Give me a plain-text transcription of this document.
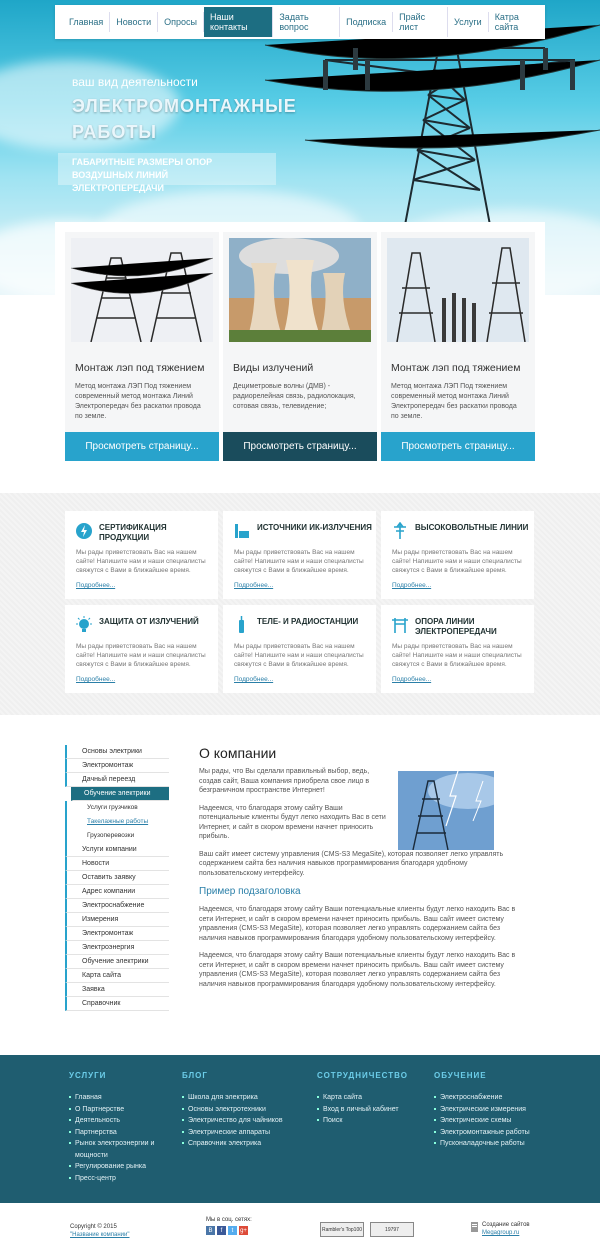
Главная	Новости	Опросы	Наши контакты
Задать вопрос	Подписка	Прайс лист	Услуги	Катра сайта
ваш вид деятельности
ЭЛЕКТРОМОНТАЖНЫЕ
РАБОТЫ
ГАБАРИТНЫЕ РАЗМЕРЫ ОПОР ВОЗДУШНЫХ ЛИНИЙ ЭЛЕКТРОПЕРЕДАЧИ
Монтаж лэп под тяжением
Метод монтажа ЛЭП Под тяжением современный метод монтажа Линий Электропередач без раскатки провода по земле.
Просмотреть страницу...
Виды излучений
Дециметровые волны (ДМВ) - радиорелейная связь, радиолокация, сотовая связь, телевидение;
Просмотреть страницу...
Монтаж лэп под тяжением
Метод монтажа ЛЭП Под тяжением современный метод монтажа Линий Электропередач без раскатки провода по земле.
Просмотреть страницу...
СЕРТИФИКАЦИЯ ПРОДУКЦИИ
Мы рады приветствовать Вас на нашем сайте! Напишите нам и наши специалисты свяжутся с Вами в ближайшее время.
Подробнее...
ИСТОЧНИКИ ИК-ИЗЛУЧЕНИЯ
Мы рады приветствовать Вас на нашем сайте! Напишите нам и наши специалисты свяжутся с Вами в ближайшее время.
Подробнее...
ВЫСОКОВОЛЬТНЫЕ ЛИНИИ
Мы рады приветствовать Вас на нашем сайте! Напишите нам и наши специалисты свяжутся с Вами в ближайшее время.
Подробнее...
ЗАЩИТА ОТ ИЗЛУЧЕНИЙ
Мы рады приветствовать Вас на нашем сайте! Напишите нам и наши специалисты свяжутся с Вами в ближайшее время.
Подробнее...
ТЕЛЕ- И РАДИОСТАНЦИИ
Мы рады приветствовать Вас на нашем сайте! Напишите нам и наши специалисты свяжутся с Вами в ближайшее время.
Подробнее...
ОПОРА ЛИНИИ ЭЛЕКТРОПЕРЕДАЧИ
Мы рады приветствовать Вас на нашем сайте! Напишите нам и наши специалисты свяжутся с Вами в ближайшее время.
Подробнее...
Основы электрики
Электромонтаж
Дачный переезд
Обучение электрики
Услуги грузчиков
Такелажные работы
Грузоперевозки
Услуги компании
Новости
Оставить заявку
Адрес компании
Электроснабжение
Измерения
Электромонтаж
Электроэнергия
Обучение электрики
Карта сайта
Заявка
Справочник
О компании

Мы рады, что Вы сделали правильный выбор, ведь, создав сайт, Ваша компания приобрела свое лицо в безграничном пространстве Интернет!

Надеемся, что благодаря этому сайту Ваши потенциальные клиенты будут легко находить Вас в сети Интернет, и сайт в скором времени начнет приносить прибыль.

Ваш сайт имеет систему управления (CMS-S3 MegaSite), которая позволяет легко управлять содержанием сайта без наличия навыков программирования благодаря удобному пользовательскому интерфейсу.

Пример подзаголовка

Надеемся, что благодаря этому сайту Ваши потенциальные клиенты будут легко находить Вас в сети Интернет, и сайт в скором времени начнет приносить прибыль. Ваш сайт имеет систему управления (CMS-S3 MegaSite), которая позволяет легко управлять содержанием сайта без наличия навыков программирования благодаря удобному пользовательскому интерфейсу.

Надеемся, что благодаря этому сайту Ваши потенциальные клиенты будут легко находить Вас в сети Интернет, и сайт в скором времени начнет приносить прибыль. Ваш сайт имеет систему управления (CMS-S3 MegaSite), которая позволяет легко управлять содержанием сайта без наличия навыков программирования благодаря удобному пользовательскому интерфейсу.

УСЛУГИ
Главная
О Партнерстве
Деятельность
Партнерства
Рынок электроэнергии и мощности
Регулирование рынка
Пресс-центр
БЛОГ
Школа для электрика
Основы электротехники
Электричество для чайников
Электрические аппараты
Справочник электрика
СОТРУДНИЧЕСТВО
Карта сайта
Вход в личный кабинет
Поиск
ОБУЧЕНИЕ
Электроснабжение
Электрические измерения
Электрические схемы
Электромонтажные работы
Пусконаладочные работы
Copyright © 2015
"Название компании"
Мы в соц. сетях:
В	f	t	g+	Rambler's Top100	19797
Создание сайтов
Megagroup.ru
